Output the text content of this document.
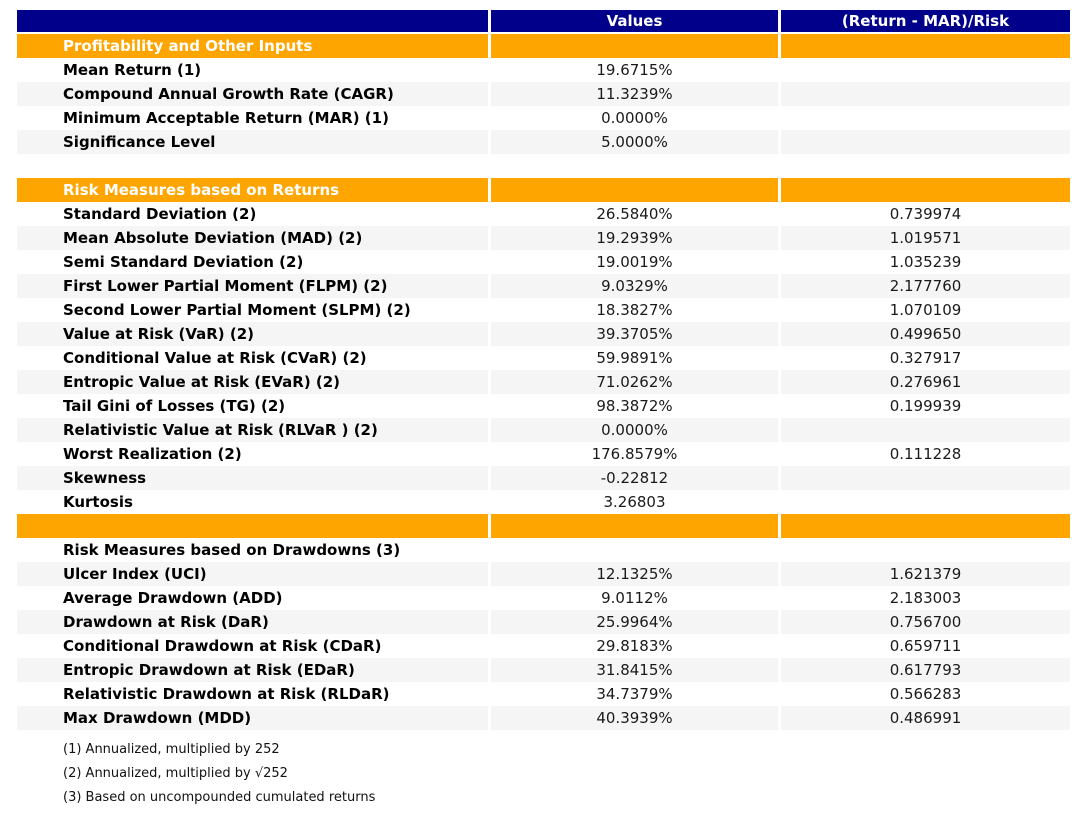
	Values	(Return - MAR)/Risk
Profitability and Other Inputs		
Mean Return (1)	19.6715%	
Compound Annual Growth Rate (CAGR)	11.3239%	
Minimum Acceptable Return (MAR) (1)	0.0000%	
Significance Level	5.0000%	

Risk Measures based on Returns		
Standard Deviation (2)	26.5840%	0.739974
Mean Absolute Deviation (MAD) (2)	19.2939%	1.019571
Semi Standard Deviation (2)	19.0019%	1.035239
First Lower Partial Moment (FLPM) (2)	9.0329%	2.177760
Second Lower Partial Moment (SLPM) (2)	18.3827%	1.070109
Value at Risk (VaR) (2)	39.3705%	0.499650
Conditional Value at Risk (CVaR) (2)	59.9891%	0.327917
Entropic Value at Risk (EVaR) (2)	71.0262%	0.276961
Tail Gini of Losses (TG) (2)	98.3872%	0.199939
Relativistic Value at Risk (RLVaR ) (2)	0.0000%	
Worst Realization (2)	176.8579%	0.111228
Skewness	-0.22812	
Kurtosis	3.26803	

Risk Measures based on Drawdowns (3)		
Ulcer Index (UCI)	12.1325%	1.621379
Average Drawdown (ADD)	9.0112%	2.183003
Drawdown at Risk (DaR)	25.9964%	0.756700
Conditional Drawdown at Risk (CDaR)	29.8183%	0.659711
Entropic Drawdown at Risk (EDaR)	31.8415%	0.617793
Relativistic Drawdown at Risk (RLDaR)	34.7379%	0.566283
Max Drawdown (MDD)	40.3939%	0.486991
(1) Annualized, multiplied by 252
(2) Annualized, multiplied by √252
(3) Based on uncompounded cumulated returns
